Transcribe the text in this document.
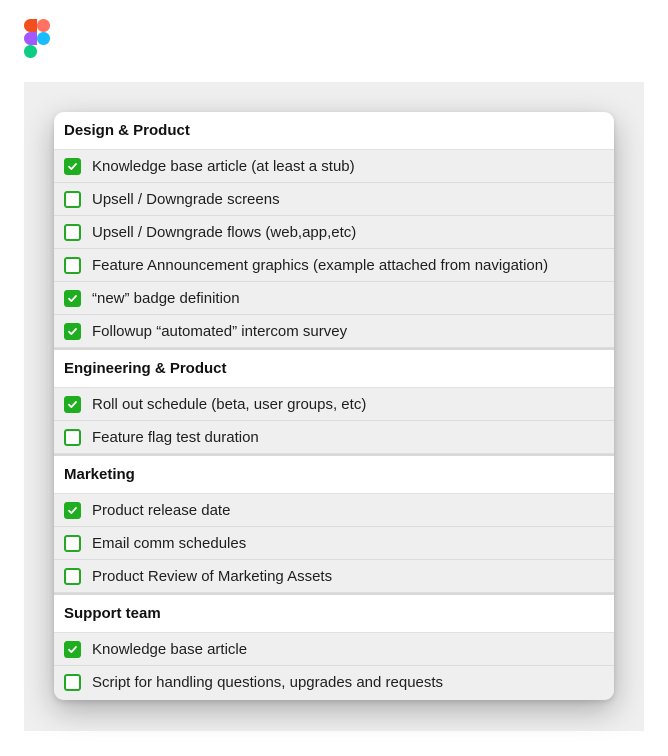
Design & Product
Knowledge base article (at least a stub)
Upsell / Downgrade screens
Upsell / Downgrade flows (web,app,etc)
Feature Announcement graphics (example attached from navigation)
“new” badge definition
Followup “automated” intercom survey
Engineering & Product
Roll out schedule (beta, user groups, etc)
Feature flag test duration
Marketing
Product release date
Email comm schedules
Product Review of Marketing Assets
Support team
Knowledge base article
Script for handling questions, upgrades and requests
